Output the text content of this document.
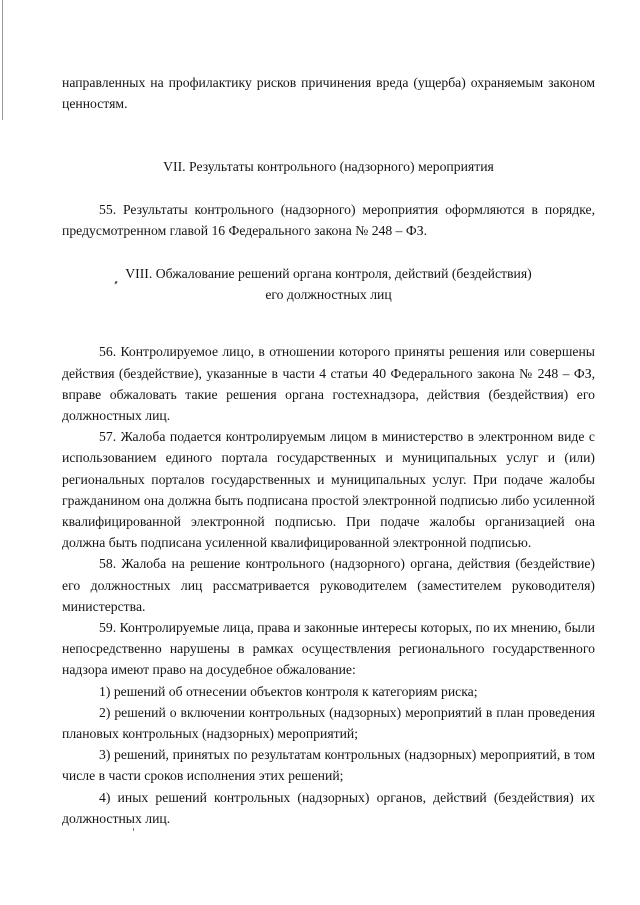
направленных на профилактику рисков причинения вреда (ущерба) охраняемым законом ценностям.

VII. Результаты контрольного (надзорного) мероприятия

55. Результаты контрольного (надзорного) мероприятия оформляются в порядке, предусмотренном главой 16 Федерального закона № 248 – ФЗ.

VIII. Обжалование решений органа контроля, действий (бездействия)
его должностных лиц

56. Контролируемое лицо, в отношении которого приняты решения или совершены действия (бездействие), указанные в части 4 статьи 40 Федерального закона № 248 – ФЗ, вправе обжаловать такие решения органа гостехнадзора, действия (бездействия) его должностных лиц.

57. Жалоба подается контролируемым лицом в министерство в электронном виде с использованием единого портала государственных и муниципальных услуг и (или) региональных порталов государственных и муниципальных услуг. При подаче жалобы гражданином она должна быть подписана простой электронной подписью либо усиленной квалифицированной электронной подписью. При подаче жалобы организацией она должна быть подписана усиленной квалифицированной электронной подписью.

58. Жалоба на решение контрольного (надзорного) органа, действия (бездействие) его должностных лиц рассматривается руководителем (заместителем руководителя) министерства.

59. Контролируемые лица, права и законные интересы которых, по их мнению, были непосредственно нарушены в рамках осуществления регионального государственного надзора имеют право на досудебное обжалование:

1) решений об отнесении объектов контроля к категориям риска;

2) решений о включении контрольных (надзорных) мероприятий в план проведения плановых контрольных (надзорных) мероприятий;

3) решений, принятых по результатам контрольных (надзорных) мероприятий, в том числе в части сроков исполнения этих решений;

4) иных решений контрольных (надзорных) органов, действий (бездействия) их должностных лиц.
